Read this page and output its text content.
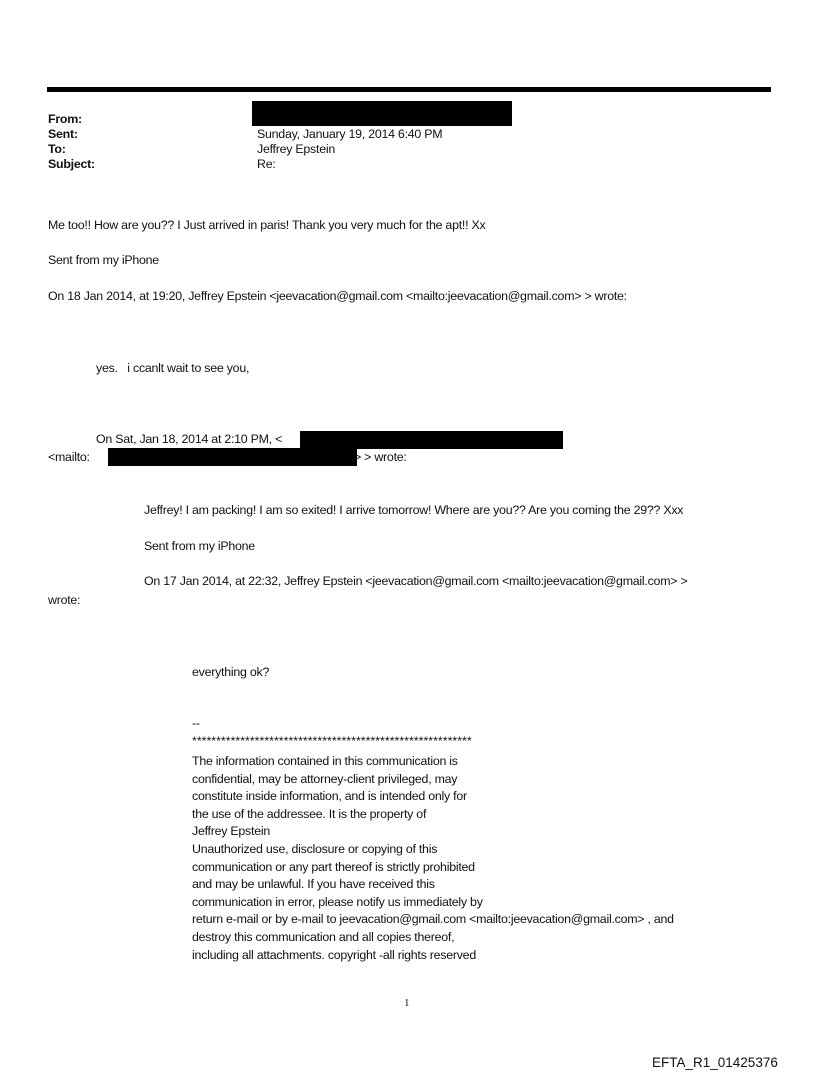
From:
Sent:	Sunday, January 19, 2014 6:40 PM
To:	Jeffrey Epstein
Subject:	Re:
Me too!! How are you?? I Just arrived in paris! Thank you very much for the apt!! Xx
Sent from my iPhone
On 18 Jan 2014, at 19:20, Jeffrey Epstein <jeevacation@gmail.com <mailto:jeevacation@gmail.com> > wrote:
yes.   i ccanlt wait to see you,
On Sat, Jan 18, 2014 at 2:10 PM, <
<mailto:	> > wrote:
Jeffrey! I am packing! I am so exited! I arrive tomorrow! Where are you?? Are you coming the 29?? Xxx
Sent from my iPhone
On 17 Jan 2014, at 22:32, Jeffrey Epstein <jeevacation@gmail.com <mailto:jeevacation@gmail.com> >
wrote:
everything ok?
--
**********************************************************
The information contained in this communication is
confidential, may be attorney-client privileged, may
constitute inside information, and is intended only for
the use of the addressee. It is the property of
Jeffrey Epstein
Unauthorized use, disclosure or copying of this
communication or any part thereof is strictly prohibited
and may be unlawful. If you have received this
communication in error, please notify us immediately by
return e-mail or by e-mail to jeevacation@gmail.com <mailto:jeevacation@gmail.com> , and
destroy this communication and all copies thereof,
including all attachments. copyright -all rights reserved
1
EFTA_R1_01425376
